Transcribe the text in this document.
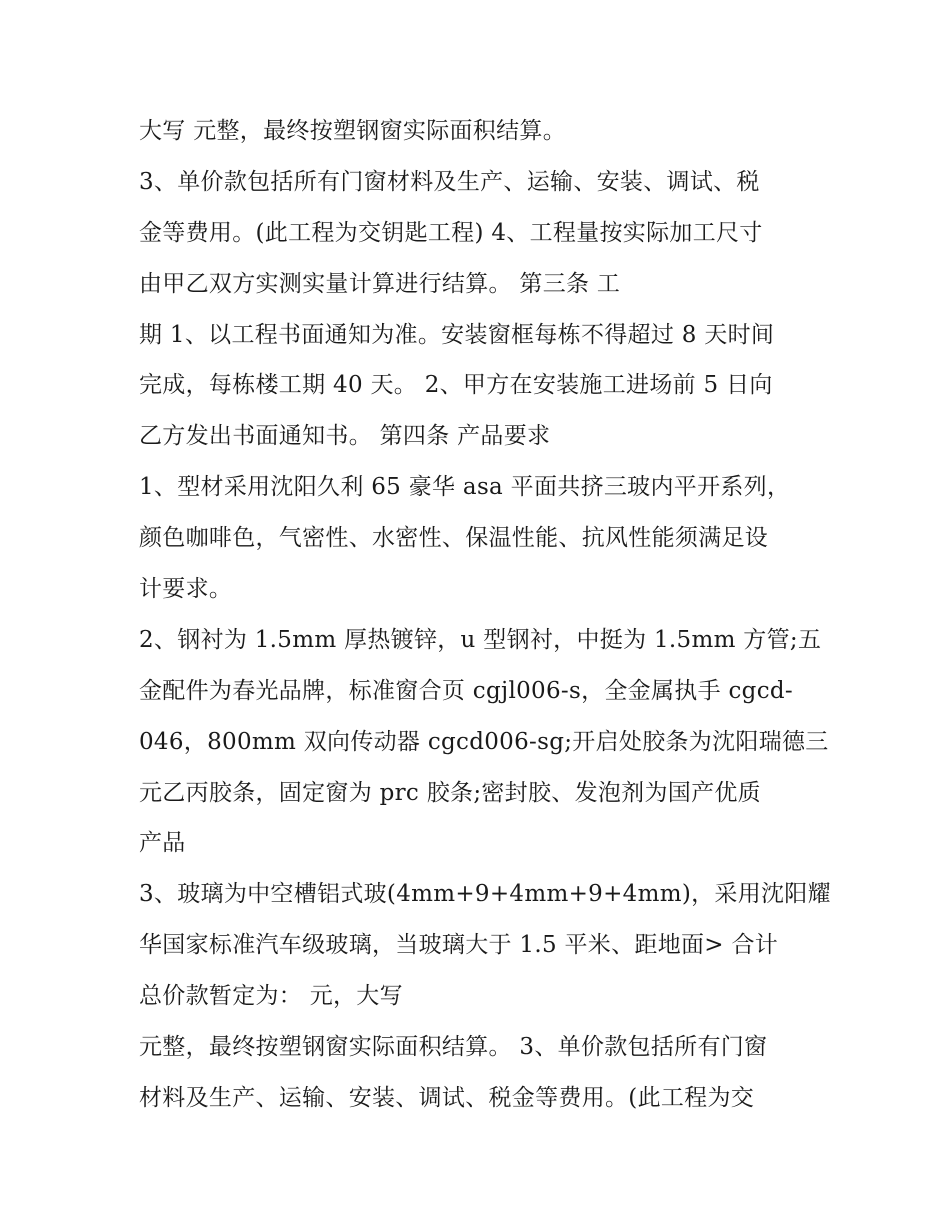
大写 元整，最终按塑钢窗实际面积结算。
3、单价款包括所有门窗材料及生产、运输、安装、调试、税
金等费用。(此工程为交钥匙工程) 4、工程量按实际加工尺寸
由甲乙双方实测实量计算进行结算。 第三条 工
期 1、以工程书面通知为准。安装窗框每栋不得超过 8 天时间
完成，每栋楼工期 40 天。 2、甲方在安装施工进场前 5 日向
乙方发出书面通知书。 第四条 产品要求
1、型材采用沈阳久利 65 豪华 asa 平面共挤三玻内平开系列，
颜色咖啡色，气密性、水密性、保温性能、抗风性能须满足设
计要求。
2、钢衬为 1.5mm 厚热镀锌，u 型钢衬，中挺为 1.5mm 方管;五
金配件为春光品牌，标准窗合页 cgjl006-s，全金属执手 cgcd-
046，800mm 双向传动器 cgcd006-sg;开启处胶条为沈阳瑞德三
元乙丙胶条，固定窗为 prc 胶条;密封胶、发泡剂为国产优质
产品
3、玻璃为中空槽铝式玻(4mm+9+4mm+9+4mm)，采用沈阳耀
华国家标准汽车级玻璃，当玻璃大于 1.5 平米、距地面> 合计
总价款暂定为： 元，大写
元整，最终按塑钢窗实际面积结算。 3、单价款包括所有门窗
材料及生产、运输、安装、调试、税金等费用。(此工程为交
